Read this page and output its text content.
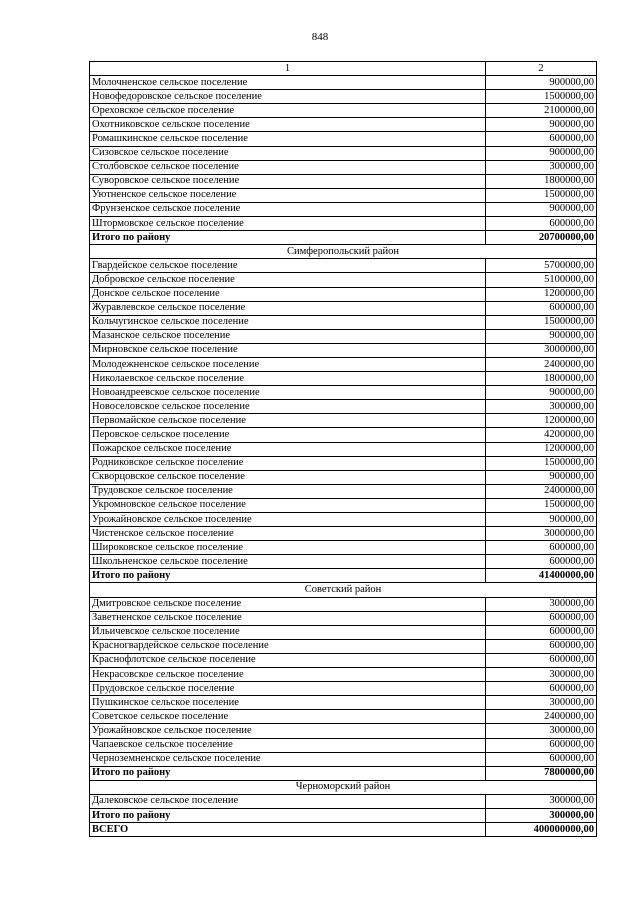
848
1	2
Молочненское сельское поселение	900000,00
Новофедоровское сельское поселение	1500000,00
Ореховское сельское поселение	2100000,00
Охотниковское сельское поселение	900000,00
Ромашкинское сельское поселение	600000,00
Сизовское сельское поселение	900000,00
Столбовское сельское поселение	300000,00
Суворовское сельское поселение	1800000,00
Уютненское сельское поселение	1500000,00
Фрунзенское сельское поселение	900000,00
Штормовское сельское поселение	600000,00
Итого по району	20700000,00
Симферопольский район	
Гвардейское сельское поселение	5700000,00
Добровское сельское поселение	5100000,00
Донское сельское поселение	1200000,00
Журавлевское сельское поселение	600000,00
Кольчугинское сельское поселение	1500000,00
Мазанское сельское поселение	900000,00
Мирновское сельское поселение	3000000,00
Молодежненское сельское поселение	2400000,00
Николаевское сельское поселение	1800000,00
Новоандреевское сельское поселение	900000,00
Новоселовское сельское поселение	300000,00
Первомайское сельское поселение	1200000,00
Перовское сельское поселение	4200000,00
Пожарское сельское поселение	1200000,00
Родниковское сельское поселение	1500000,00
Скворцовское сельское поселение	900000,00
Трудовское сельское поселение	2400000,00
Укромновское сельское поселение	1500000,00
Урожайновское сельское поселение	900000,00
Чистенское сельское поселение	3000000,00
Широковское сельское поселение	600000,00
Школьненское сельское поселение	600000,00
Итого по району	41400000,00
Советский район	
Дмитровское сельское поселение	300000,00
Заветненское сельское поселение	600000,00
Ильичевское сельское поселение	600000,00
Красногвардейское сельское поселение	600000,00
Краснофлотское сельское поселение	600000,00
Некрасовское сельское поселение	300000,00
Прудовское сельское поселение	600000,00
Пушкинское сельское поселение	300000,00
Советское сельское поселение	2400000,00
Урожайновское сельское поселение	300000,00
Чапаевское сельское поселение	600000,00
Черноземненское сельское поселение	600000,00
Итого по району	7800000,00
Черноморский район	
Далековское сельское поселение	300000,00
Итого по району	300000,00
ВСЕГО	400000000,00
